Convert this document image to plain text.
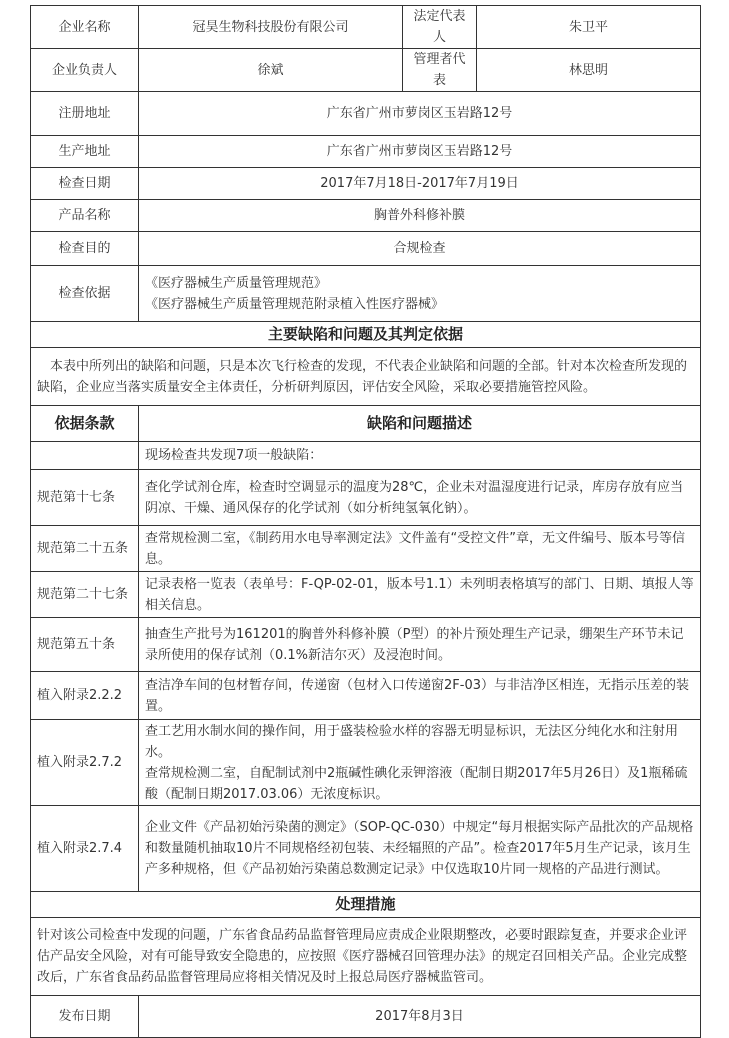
企业名称	冠昊生物科技股份有限公司	法定代表人	朱卫平
企业负责人	徐斌	管理者代表	林思明
注册地址	广东省广州市萝岗区玉岩路12号		
生产地址	广东省广州市萝岗区玉岩路12号		
检查日期	2017年7月18日-2017年7月19日		
产品名称	胸普外科修补膜		
检查目的	合规检查		
检查依据	《医疗器械生产质量管理规范》
《医疗器械生产质量管理规范附录植入性医疗器械》		

主要缺陷和问题及其判定依据			
本表中所列出的缺陷和问题，只是本次飞行检查的发现，不代表企业缺陷和问题的全部。针对本次检查所发现的缺陷，企业应当落实质量安全主体责任，分析研判原因，评估安全风险，采取必要措施管控风险。			
依据条款	缺陷和问题描述		
	现场检查共发现7项一般缺陷：		
规范第十七条	查化学试剂仓库，检查时空调显示的温度为28℃，企业未对温湿度进行记录，库房存放有应当阴凉、干燥、通风保存的化学试剂（如分析纯氢氧化钠）。		
规范第二十五条	查常规检测二室，《制药用水电导率测定法》文件盖有“受控文件”章，无文件编号、版本号等信息。		
规范第二十七条	记录表格一览表（表单号：F-QP-02-01，版本号1.1）未列明表格填写的部门、日期、填报人等相关信息。		
规范第五十条	抽查生产批号为161201的胸普外科修补膜（P型）的补片预处理生产记录，绷架生产环节未记录所使用的保存试剂（0.1%新洁尔灭）及浸泡时间。		
植入附录2.2.2	查洁净车间的包材暂存间，传递窗（包材入口传递窗2F-03）与非洁净区相连，无指示压差的装置。		
植入附录2.7.2	查工艺用水制水间的操作间，用于盛装检验水样的容器无明显标识，无法区分纯化水和注射用水。
查常规检测二室，自配制试剂中2瓶碱性碘化汞钾溶液（配制日期2017年5月26日）及1瓶稀硫酸（配制日期2017.03.06）无浓度标识。		

植入附录2.7.4	企业文件《产品初始污染菌的测定》（SOP-QC-030）中规定“每月根据实际产品批次的产品规格和数量随机抽取10片不同规格经初包装、未经辐照的产品”。检查2017年5月生产记录，该月生产多种规格，但《产品初始污染菌总数测定记录》中仅选取10片同一规格的产品进行测试。		
处理措施			
针对该公司检查中发现的问题，广东省食品药品监督管理局应责成企业限期整改，必要时跟踪复查，并要求企业评估产品安全风险，对有可能导致安全隐患的，应按照《医疗器械召回管理办法》的规定召回相关产品。企业完成整改后，广东省食品药品监督管理局应将相关情况及时上报总局医疗器械监管司。			
发布日期	2017年8月3日		
